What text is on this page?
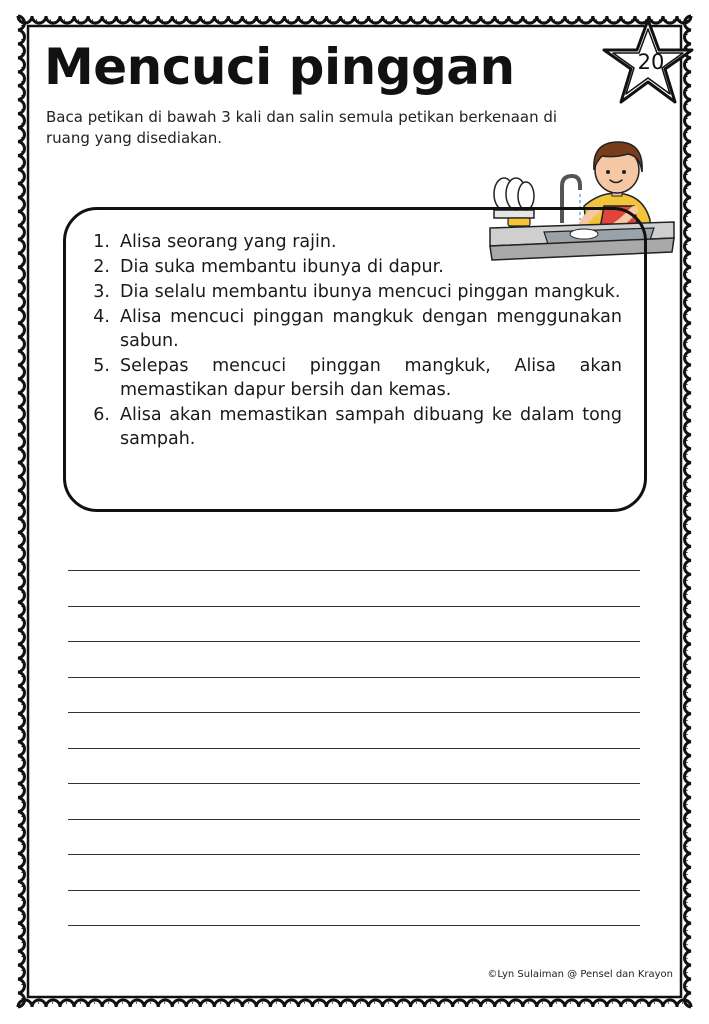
Mencuci pinggan	20

Baca petikan di bawah 3 kali dan salin semula petikan berkenaan di ruang yang disediakan.

1. Alisa seorang yang rajin.
2. Dia suka membantu ibunya di dapur.
3. Dia selalu membantu ibunya mencuci pinggan mangkuk.
4. Alisa mencuci pinggan mangkuk dengan menggunakan sabun.
5. Selepas mencuci pinggan mangkuk, Alisa akan memastikan dapur bersih dan kemas.
6. Alisa akan memastikan sampah dibuang ke dalam tong sampah.
©Lyn Sulaiman @ Pensel dan Krayon
